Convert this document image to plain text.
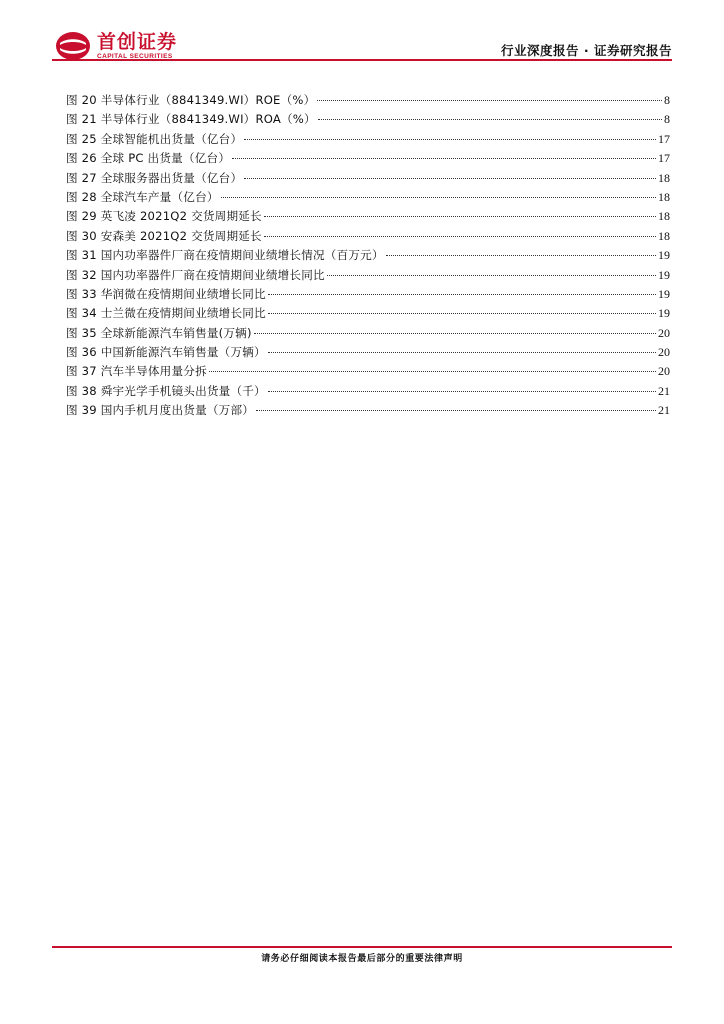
首创证券
CAPITAL SECURITIES	行业深度报告 · 证券研究报告
图 20 半导体行业（8841349.WI）ROE（%）	8
图 21 半导体行业（8841349.WI）ROA（%）	8
图 25 全球智能机出货量（亿台）	17
图 26 全球 PC 出货量（亿台）	17
图 27 全球服务器出货量（亿台）	18
图 28 全球汽车产量（亿台）	18
图 29 英飞凌 2021Q2 交货周期延长	18
图 30 安森美 2021Q2 交货周期延长	18
图 31 国内功率器件厂商在疫情期间业绩增长情况（百万元）	19
图 32 国内功率器件厂商在疫情期间业绩增长同比	19
图 33 华润微在疫情期间业绩增长同比	19
图 34 士兰微在疫情期间业绩增长同比	19
图 35 全球新能源汽车销售量(万辆)	20
图 36 中国新能源汽车销售量（万辆）	20
图 37 汽车半导体用量分拆	20
图 38 舜宇光学手机镜头出货量（千）	21
图 39 国内手机月度出货量（万部）	21
请务必仔细阅读本报告最后部分的重要法律声明
